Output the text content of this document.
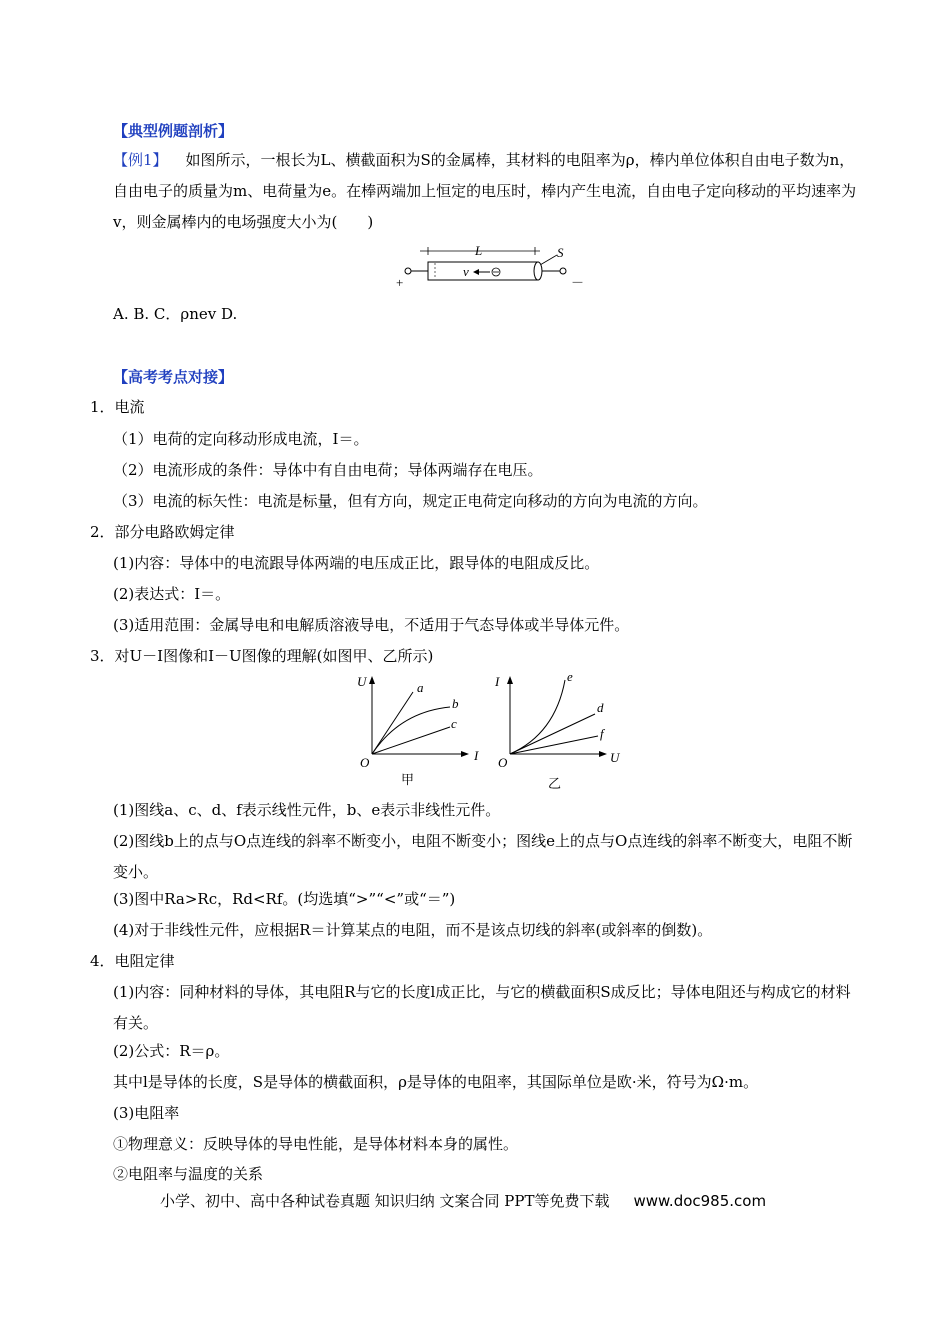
【典型例题剖析】
【例1】 如图所示，一根长为L、横截面积为S的金属棒，其材料的电阻率为ρ，棒内单位体积自由电子数为n，自由电子的质量为m、电荷量为e。在棒两端加上恒定的电压时，棒内产生电流，自由电子定向移动的平均速率为v，则金属棒内的电场强度大小为(　　)
L	S
v
+	－
A. B. C．ρnev D.
【高考考点对接】
1．电流
（1）电荷的定向移动形成电流，I＝。
（2）电流形成的条件：导体中有自由电荷；导体两端存在电压。
（3）电流的标矢性：电流是标量，但有方向，规定正电荷定向移动的方向为电流的方向。
2．部分电路欧姆定律
(1)内容：导体中的电流跟导体两端的电压成正比，跟导体的电阻成反比。
(2)表达式：I＝。
(3)适用范围：金属导电和电解质溶液导电，不适用于气态导体或半导体元件。
3．对U－I图像和I－U图像的理解(如图甲、乙所示)
U
I
O
a
b
c
甲
I
U
O
e
d
f
乙
(1)图线a、c、d、f表示线性元件，b、e表示非线性元件。
(2)图线b上的点与O点连线的斜率不断变小，电阻不断变小；图线e上的点与O点连线的斜率不断变大，电阻不断变小。
(3)图中Ra>Rc，Rd<Rf。(均选填“>”“<”或“＝”)
(4)对于非线性元件，应根据R＝计算某点的电阻，而不是该点切线的斜率(或斜率的倒数)。
4．电阻定律
(1)内容：同种材料的导体，其电阻R与它的长度l成正比，与它的横截面积S成反比；导体电阻还与构成它的材料有关。
(2)公式：R＝ρ。
其中l是导体的长度，S是导体的横截面积，ρ是导体的电阻率，其国际单位是欧·米，符号为Ω·m。
(3)电阻率
①物理意义：反映导体的导电性能，是导体材料本身的属性。
②电阻率与温度的关系
小学、初中、高中各种试卷真题 知识归纳 文案合同 PPT等免费下载 www.doc985.com
